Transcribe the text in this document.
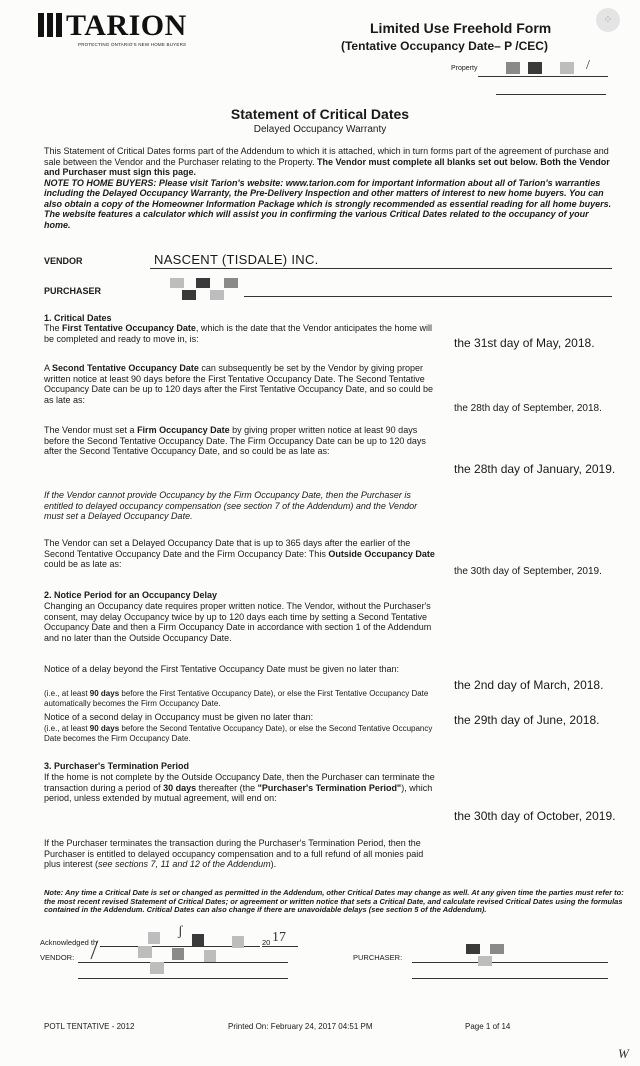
TARION
PROTECTING ONTARIO'S NEW HOME BUYERS
Limited Use Freehold Form
(Tentative Occupancy Date– P /CEC)
⁘
Property	/
Statement of Critical Dates
Delayed Occupancy Warranty

This Statement of Critical Dates forms part of the Addendum to which it is attached, which in turn forms part of the agreement of purchase and sale between the Vendor and the Purchaser relating to the Property. The Vendor must complete all blanks set out below. Both the Vendor and Purchaser must sign this page.

NOTE TO HOME BUYERS: Please visit Tarion's website: www.tarion.com for important information about all of Tarion's warranties including the Delayed Occupancy Warranty, the Pre-Delivery Inspection and other matters of interest to new home buyers. You can also obtain a copy of the Homeowner Information Package which is strongly recommended as essential reading for all home buyers. The website features a calculator which will assist you in confirming the various Critical Dates related to the occupancy of your home.

VENDOR	NASCENT (TISDALE) INC.
PURCHASER
1. Critical Dates
The First Tentative Occupancy Date, which is the date that the Vendor anticipates the home will be completed and ready to move in, is:	the 31st day of May, 2018.
A Second Tentative Occupancy Date can subsequently be set by the Vendor by giving proper written notice at least 90 days before the First Tentative Occupancy Date. The Second Tentative Occupancy Date can be up to 120 days after the First Tentative Occupancy Date, and so could be as late as:
the 28th day of September, 2018.
The Vendor must set a Firm Occupancy Date by giving proper written notice at least 90 days before the Second Tentative Occupancy Date. The Firm Occupancy Date can be up to 120 days after the Second Tentative Occupancy Date, and so could be as late as:
the 28th day of January, 2019.
If the Vendor cannot provide Occupancy by the Firm Occupancy Date, then the Purchaser is entitled to delayed occupancy compensation (see section 7 of the Addendum) and the Vendor must set a Delayed Occupancy Date.
The Vendor can set a Delayed Occupancy Date that is up to 365 days after the earlier of the Second Tentative Occupancy Date and the Firm Occupancy Date: This Outside Occupancy Date could be as late as:
the 30th day of September, 2019.
2. Notice Period for an Occupancy Delay
Changing an Occupancy date requires proper written notice. The Vendor, without the Purchaser's consent, may delay Occupancy twice by up to 120 days each time by setting a Second Tentative Occupancy Date and then a Firm Occupancy Date in accordance with section 1 of the Addendum and no later than the Outside Occupancy Date.
Notice of a delay beyond the First Tentative Occupancy Date must be given no later than:
the 2nd day of March, 2018.
(i.e., at least 90 days before the First Tentative Occupancy Date), or else the First Tentative Occupancy Date automatically becomes the Firm Occupancy Date.
Notice of a second delay in Occupancy must be given no later than:	the 29th day of June, 2018.
(i.e., at least 90 days before the Second Tentative Occupancy Date), or else the Second Tentative Occupancy Date becomes the Firm Occupancy Date.
3. Purchaser's Termination Period
If the home is not complete by the Outside Occupancy Date, then the Purchaser can terminate the transaction during a period of 30 days thereafter (the "Purchaser's Termination Period"), which period, unless extended by mutual agreement, will end on:
the 30th day of October, 2019.
If the Purchaser terminates the transaction during the Purchaser's Termination Period, then the Purchaser is entitled to delayed occupancy compensation and to a full refund of all monies paid plus interest (see sections 7, 11 and 12 of the Addendum).
Note: Any time a Critical Date is set or changed as permitted in the Addendum, other Critical Dates may change as well. At any given time the parties must refer to: the most recent revised Statement of Critical Dates; or agreement or written notice that sets a Critical Date, and calculate revised Critical Dates using the formulas contained in the Addendum. Critical Dates can also change if there are unavoidable delays (see section 5 of the Addendum).
Acknowledged th
ʃ
20 17
VENDOR: ⟋	PURCHASER:
POTL TENTATIVE - 2012	Printed On: February 24, 2017 04:51 PM	Page 1 of 14
W
